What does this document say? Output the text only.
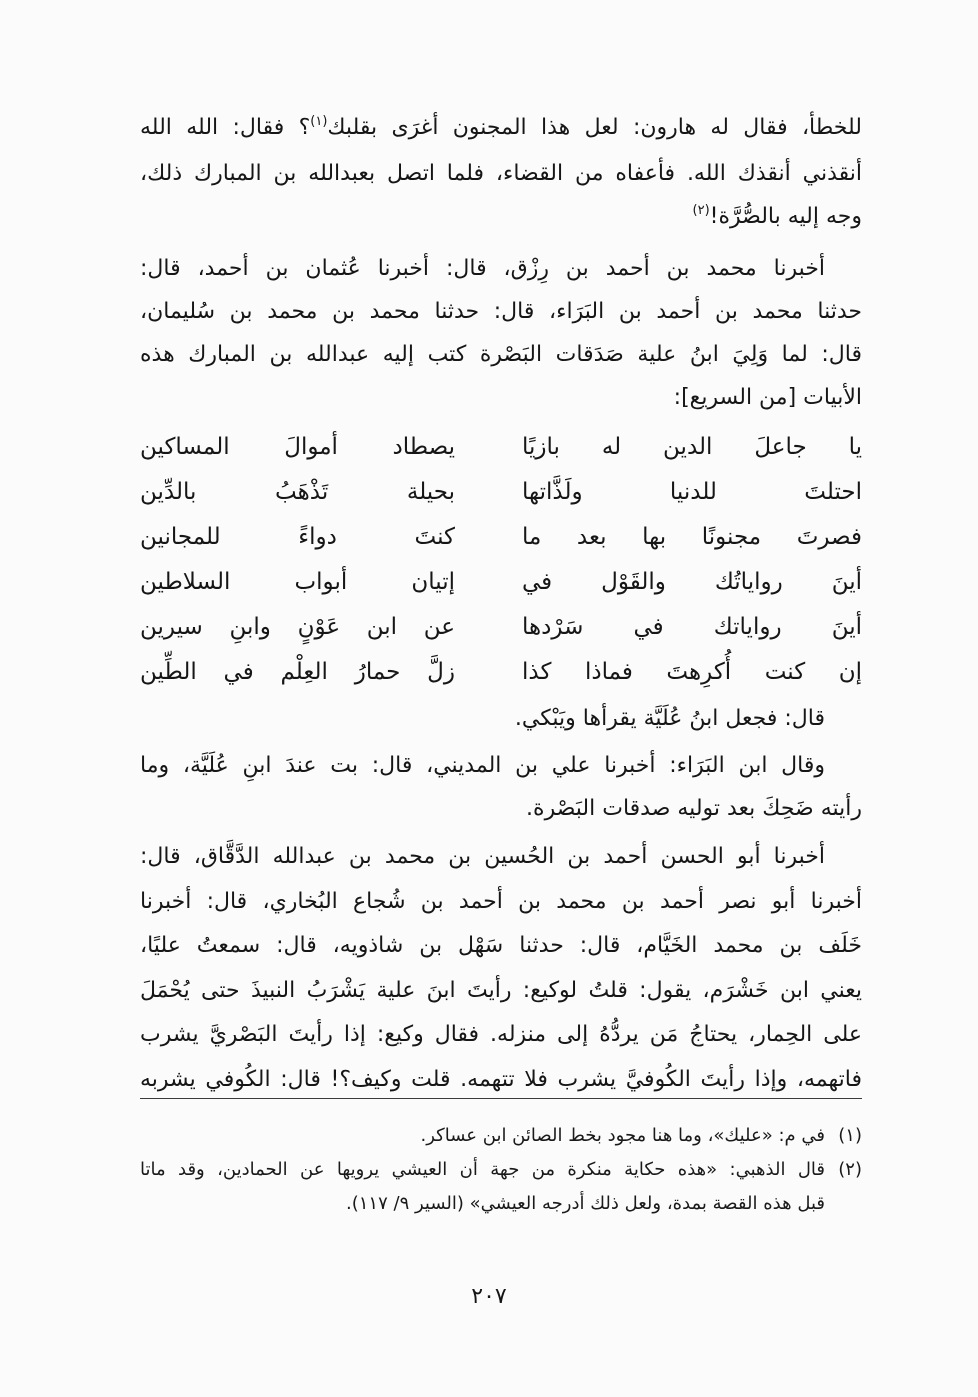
للخطأ، فقال له هارون: لعل هذا المجنون أغرَى بقلبك$^{(١)}$؟ فقال: الله الله
أنقذني أنقذك الله. فأعفاه من القضاء، فلما اتصل بعبدالله بن المبارك ذلك،
وجه إليه بالصُّرَّة!$^{(٢)}$
أخبرنا محمد بن أحمد بن رِزْق، قال: أخبرنا عُثمان بن أحمد، قال:
حدثنا محمد بن أحمد بن البَرَاء، قال: حدثنا محمد بن محمد بن سُليمان،
قال: لما وَلِيَ ابنُ علية صَدَقات البَصْرة كتب إليه عبدالله بن المبارك هذه
الأبيات [من السريع]:
يا جاعلَ الدين له بازيًا
يصطاد أموالَ المساكين
احتلتَ للدنيا ولَذَّاتها
بحيلة تَذْهَبُ بالدِّين
فصرتَ مجنونًا بها بعد ما
كنتَ دواءً للمجانين
أينَ رواياتُك والقَوْل في
إتيان أبواب السلاطين
أينَ رواياتك في سَرْدها
عن ابن عَوْنٍ وابنِ سيرين
إن كنت أُكرِهتَ فماذا كذا
زلَّ حمارُ العِلْم في الطِّين
قال: فجعل ابنُ عُلَيَّة يقرأها ويَبْكي.
وقال ابن البَرَاء: أخبرنا علي بن المديني، قال: بت عندَ ابنِ عُلَيَّة، وما
رأيته ضَحِكَ بعد توليه صدقات البَصْرة.
أخبرنا أبو الحسن أحمد بن الحُسين بن محمد بن عبدالله الدَّقَّاق، قال:
أخبرنا أبو نصر أحمد بن محمد بن أحمد بن شُجاع البُخاري، قال: أخبرنا
خَلَف بن محمد الخَيَّام، قال: حدثنا سَهْل بن شاذويه، قال: سمعتُ عليًا،
يعني ابن خَشْرَم، يقول: قلتُ لوكيع: رأيتَ ابنَ علية يَشْرَبُ النبيذَ حتى يُحْمَلَ
على الحِمار، يحتاجُ مَن يردُّهُ إلى منزله. فقال وكيع: إذا رأيتَ البَصْريَّ يشرب
فاتهمه، وإذا رأيتَ الكُوفيَّ يشرب فلا تتهمه. قلت وكيف؟! قال: الكُوفي يشربه
(١)
في م: «عليك»، وما هنا مجود بخط الصائن ابن عساكر.
(٢)
قال الذهبي: «هذه حكاية منكرة من جهة أن العيشي يرويها عن الحمادين، وقد ماتا
قبل هذه القصة بمدة، ولعل ذلك أدرجه العيشي» (السير ٩/ ١١٧).
٢٠٧
